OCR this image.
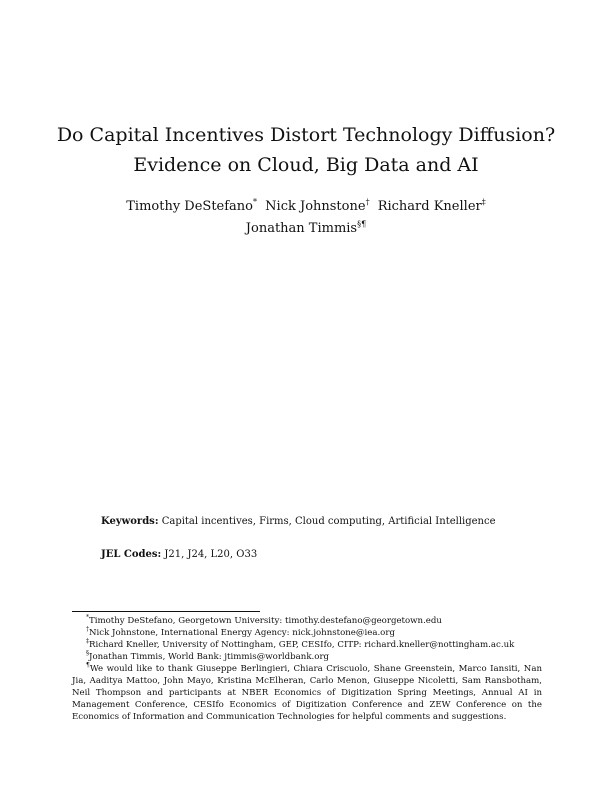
Do Capital Incentives Distort Technology Diffusion?
Evidence on Cloud, Big Data and AI
Timothy DeStefano* Nick Johnstone† Richard Kneller‡
Jonathan Timmis§¶
Keywords: Capital incentives, Firms, Cloud computing, Artificial Intelligence
JEL Codes: J21, J24, L20, O33
*Timothy DeStefano, Georgetown University: timothy.destefano@georgetown.edu
†Nick Johnstone, International Energy Agency: nick.johnstone@iea.org
‡Richard Kneller, University of Nottingham, GEP, CESIfo, CITP: richard.kneller@nottingham.ac.uk
§Jonathan Timmis, World Bank: jtimmis@worldbank.org
¶We would like to thank Giuseppe Berlingieri, Chiara Criscuolo, Shane Greenstein, Marco Iansiti, Nan Jia, Aaditya Mattoo, John Mayo, Kristina McElheran, Carlo Menon, Giuseppe Nicoletti, Sam Ransbotham, Neil Thompson and participants at NBER Economics of Digitization Spring Meetings, Annual AI in Management Conference, CESIfo Economics of Digitization Conference and ZEW Conference on the Economics of Information and Communication Technologies for helpful comments and suggestions.
